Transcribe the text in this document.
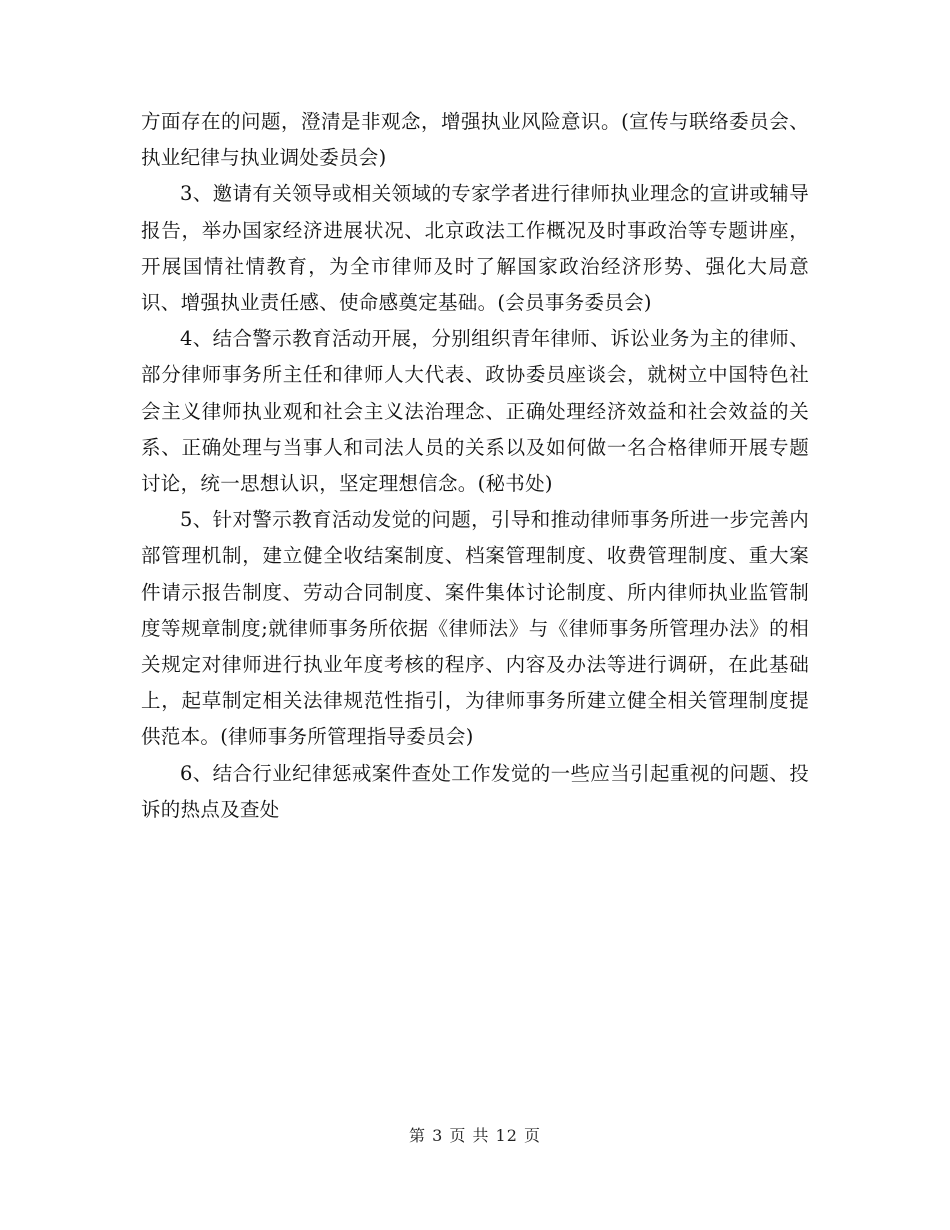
方面存在的问题，澄清是非观念，增强执业风险意识。(宣传与联络委员会、执业纪律与执业调处委员会)

3、邀请有关领导或相关领域的专家学者进行律师执业理念的宣讲或辅导报告，举办国家经济进展状况、北京政法工作概况及时事政治等专题讲座，开展国情社情教育，为全市律师及时了解国家政治经济形势、强化大局意识、增强执业责任感、使命感奠定基础。(会员事务委员会)

4、结合警示教育活动开展，分别组织青年律师、诉讼业务为主的律师、部分律师事务所主任和律师人大代表、政协委员座谈会，就树立中国特色社会主义律师执业观和社会主义法治理念、正确处理经济效益和社会效益的关系、正确处理与当事人和司法人员的关系以及如何做一名合格律师开展专题讨论，统一思想认识，坚定理想信念。(秘书处)

5、针对警示教育活动发觉的问题，引导和推动律师事务所进一步完善内部管理机制，建立健全收结案制度、档案管理制度、收费管理制度、重大案件请示报告制度、劳动合同制度、案件集体讨论制度、所内律师执业监管制度等规章制度;就律师事务所依据《律师法》与《律师事务所管理办法》的相关规定对律师进行执业年度考核的程序、内容及办法等进行调研，在此基础上，起草制定相关法律规范性指引，为律师事务所建立健全相关管理制度提供范本。(律师事务所管理指导委员会)

6、结合行业纪律惩戒案件查处工作发觉的一些应当引起重视的问题、投诉的热点及查处

第 3 页 共 12 页
